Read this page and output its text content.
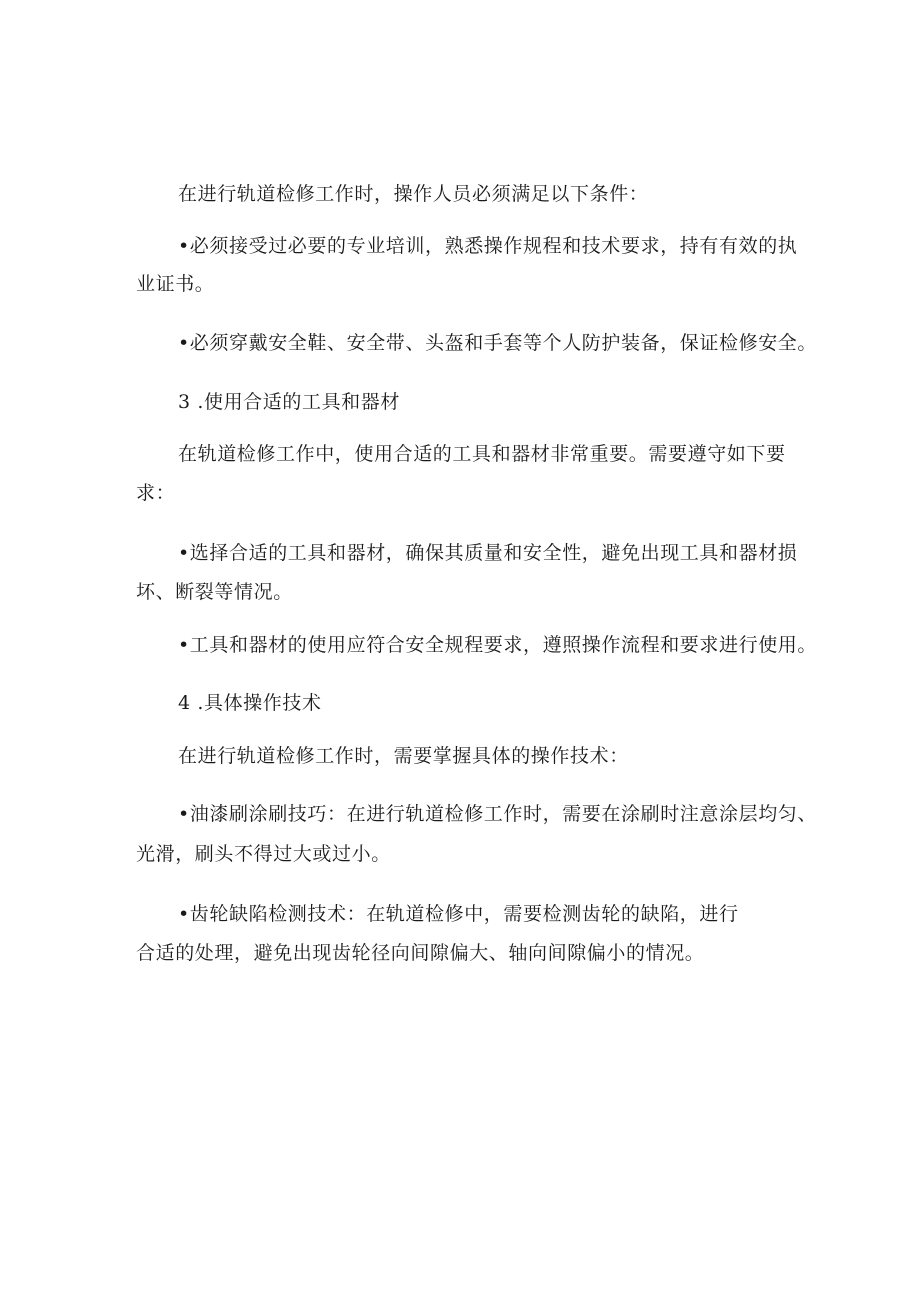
在进行轨道检修工作时，操作人员必须满足以下条件：
•必须接受过必要的专业培训，熟悉操作规程和技术要求，持有有效的执
业证书。
•必须穿戴安全鞋、安全带、头盔和手套等个人防护装备，保证检修安全。
3 .使用合适的工具和器材
在轨道检修工作中，使用合适的工具和器材非常重要。需要遵守如下要
求：
•选择合适的工具和器材，确保其质量和安全性，避免出现工具和器材损
坏、断裂等情况。
•工具和器材的使用应符合安全规程要求，遵照操作流程和要求进行使用。
4 .具体操作技术
在进行轨道检修工作时，需要掌握具体的操作技术：
•油漆刷涂刷技巧：在进行轨道检修工作时，需要在涂刷时注意涂层均匀、
光滑，刷头不得过大或过小。
•齿轮缺陷检测技术：在轨道检修中，需要检测齿轮的缺陷，进行
合适的处理，避免出现齿轮径向间隙偏大、轴向间隙偏小的情况。
